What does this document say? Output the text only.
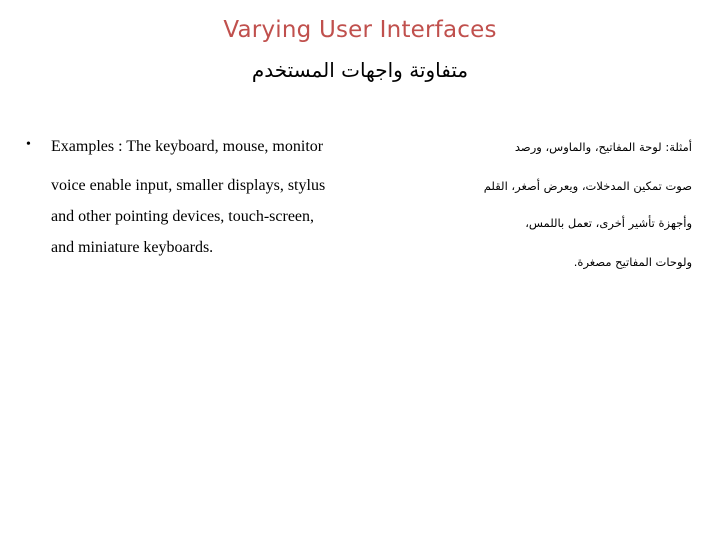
Varying User Interfaces
متفاوتة واجهات المستخدم
• Examples : The keyboard, mouse, monitor
voice enable input, smaller displays, stylus
and other pointing devices, touch-screen,
and miniature keyboards.
أمثلة: لوحة المفاتيح، والماوس، ورصد
صوت تمكين المدخلات، ويعرض أصغر، القلم
وأجهزة تأشير أخرى، تعمل باللمس،
ولوحات المفاتيح مصغرة.
